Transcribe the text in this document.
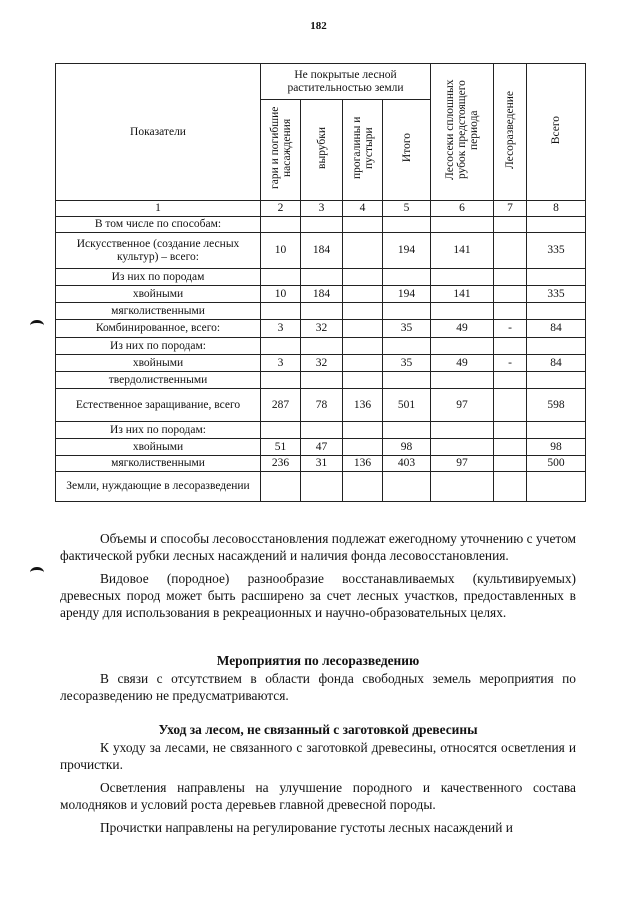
182
Показатели	Не покрытые лесной растительностью земли				Лесосеки сплошных рубок предстоящего периода	Лесоразведение	Всего
	гари и погибшие насаждения	вырубки	прогалины и пустыри	Итого			
1	2	3	4	5	6	7	8
В том числе по способам:							
Искусственное (создание лесных культур) – всего:	10	184		194	141		335
Из них по породам							
хвойными	10	184		194	141		335
мягколиственными							
Комбинированное, всего:	3	32		35	49	-	84
Из них по породам:							
хвойными	3	32		35	49	-	84
твердолиственными							
Естественное заращивание, всего	287	78	136	501	97		598
Из них по породам:							
хвойными	51	47		98			98
мягколиственными	236	31	136	403	97		500
Земли, нуждающие в лесоразведении							

Объемы и способы лесовосстановления подлежат ежегодному уточнению с учетом фактической рубки лесных насаждений и наличия фонда лесовосстановления.

Видовое (породное) разнообразие восстанавливаемых (культивируемых) древесных пород может быть расширено за счет лесных участков, предоставленных в аренду для использования в рекреационных и научно-образовательных целях.

Мероприятия по лесоразведению

В связи с отсутствием в области фонда свободных земель мероприятия по лесоразведению не предусматриваются.

Уход за лесом, не связанный с заготовкой древесины

К уходу за лесами, не связанного с заготовкой древесины, относятся осветления и прочистки.

Осветления направлены на улучшение породного и качественного состава молодняков и условий роста деревьев главной древесной породы.

Прочистки направлены на регулирование густоты лесных насаждений и
